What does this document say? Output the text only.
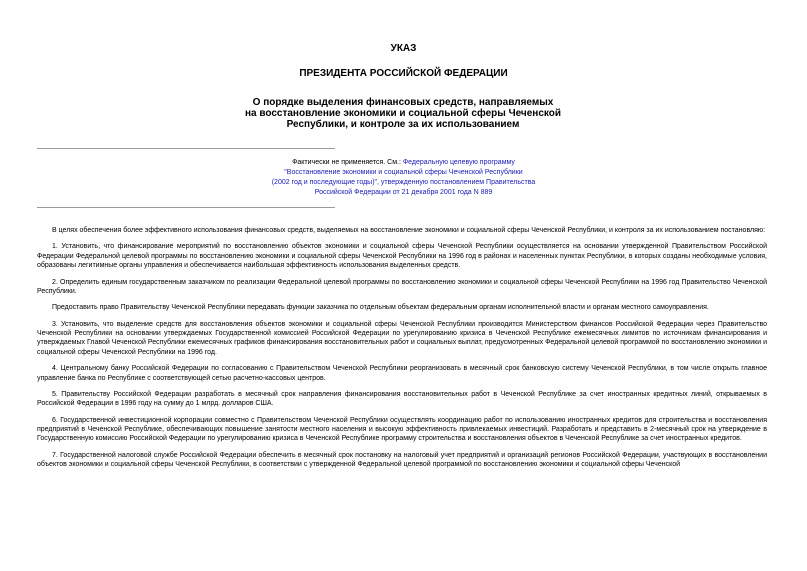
УКАЗ
ПРЕЗИДЕНТА РОССИЙСКОЙ ФЕДЕРАЦИИ
О порядке выделения финансовых средств, направляемых
на восстановление экономики и социальной сферы Чеченской
Республики, и контроле за их использованием
Фактически не применяется. См.: Федеральную целевую программу
"Восстановление экономики и социальной сферы Чеченской Республики
(2002 год и последующие годы)", утвержденную постановлением Правительства
Российской Федерации от 21 декабря 2001 года N 889

В целях обеспечения более эффективного использования финансовых средств, выделяемых на восстановление экономики и социальной сферы Чеченской Республики, и контроля за их использованием постановляю:

1. Установить, что финансирование мероприятий по восстановлению объектов экономики и социальной сферы Чеченской Республики осуществляется на основании утвержденной Правительством Российской Федерации Федеральной целевой программы по восстановлению экономики и социальной сферы Чеченской Республики на 1996 год в районах и населенных пунктах Республики, в которых созданы необходимые условия, образованы легитимные органы управления и обеспечивается наибольшая эффективность использования выделенных средств.

2. Определить единым государственным заказчиком по реализации Федеральной целевой программы по восстановлению экономики и социальной сферы Чеченской Республики на 1996 год Правительство Чеченской Республики.

Предоставить право Правительству Чеченской Республики передавать функции заказчика по отдельным объектам федеральным органам исполнительной власти и органам местного самоуправления.

3. Установить, что выделение средств для восстановления объектов экономики и социальной сферы Чеченской Республики производится Министерством финансов Российской Федерации через Правительство Чеченской Республики на основании утверждаемых Государственной комиссией Российской Федерации по урегулированию кризиса в Чеченской Республике ежемесячных лимитов по источникам финансирования и утверждаемых Главой Чеченской Республики ежемесячных графиков финансирования восстановительных работ и социальных выплат, предусмотренных Федеральной целевой программой по восстановлению экономики и социальной сферы Чеченской Республики на 1996 год.

4. Центральному банку Российской Федерации по согласованию с Правительством Чеченской Республики реорганизовать в месячный срок банковскую систему Чеченской Республики, в том числе открыть главное управление банка по Республике с соответствующей сетью расчетно-кассовых центров.

5. Правительству Российской Федерации разработать в месячный срок направления финансирования восстановительных работ в Чеченской Республике за счет иностранных кредитных линий, открываемых в Российской Федерации в 1996 году на сумму до 1 млрд. долларов США.

6. Государственной инвестиционной корпорации совместно с Правительством Чеченской Республики осуществлять координацию работ по использованию иностранных кредитов для строительства и восстановления предприятий в Чеченской Республике, обеспечивающих повышение занятости местного населения и высокую эффективность привлекаемых инвестиций. Разработать и представить в 2-месячный срок на утверждение в Государственную комиссию Российской Федерации по урегулированию кризиса в Чеченской Республике программу строительства и восстановления объектов в Чеченской Республике за счет иностранных кредитов.

7. Государственной налоговой службе Российской Федерации обеспечить в месячный срок постановку на налоговый учет предприятий и организаций регионов Российской Федерации, участвующих в восстановлении объектов экономики и социальной сферы Чеченской Республики, в соответствии с утвержденной Федеральной целевой программой по восстановлению экономики и социальной сферы Чеченской
